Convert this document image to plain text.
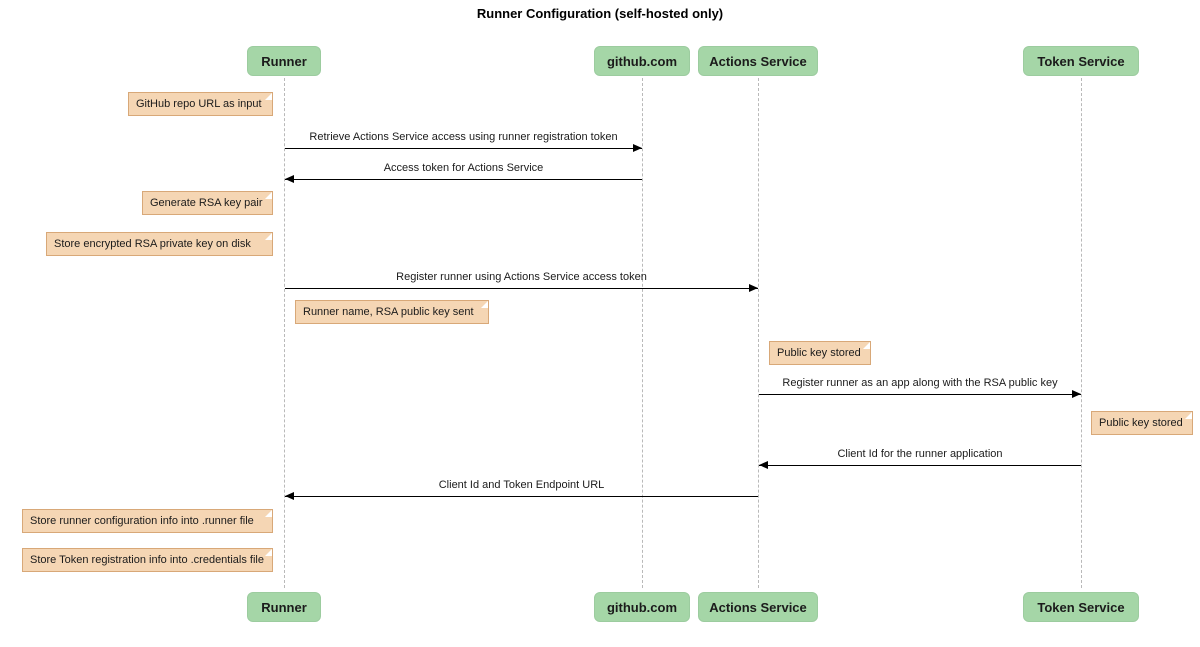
Runner Configuration (self-hosted only)
Runner	github.com	Actions Service	Token Service
Runner	github.com	Actions Service	Token Service
GitHub repo URL as input
Generate RSA key pair
Store encrypted RSA private key on disk
Runner name, RSA public key sent
Public key stored
Public key stored
Store runner configuration info into .runner file
Store Token registration info into .credentials file
Retrieve Actions Service access using runner registration token
Access token for Actions Service
Register runner using Actions Service access token
Register runner as an app along with the RSA public key
Client Id for the runner application
Client Id and Token Endpoint URL
